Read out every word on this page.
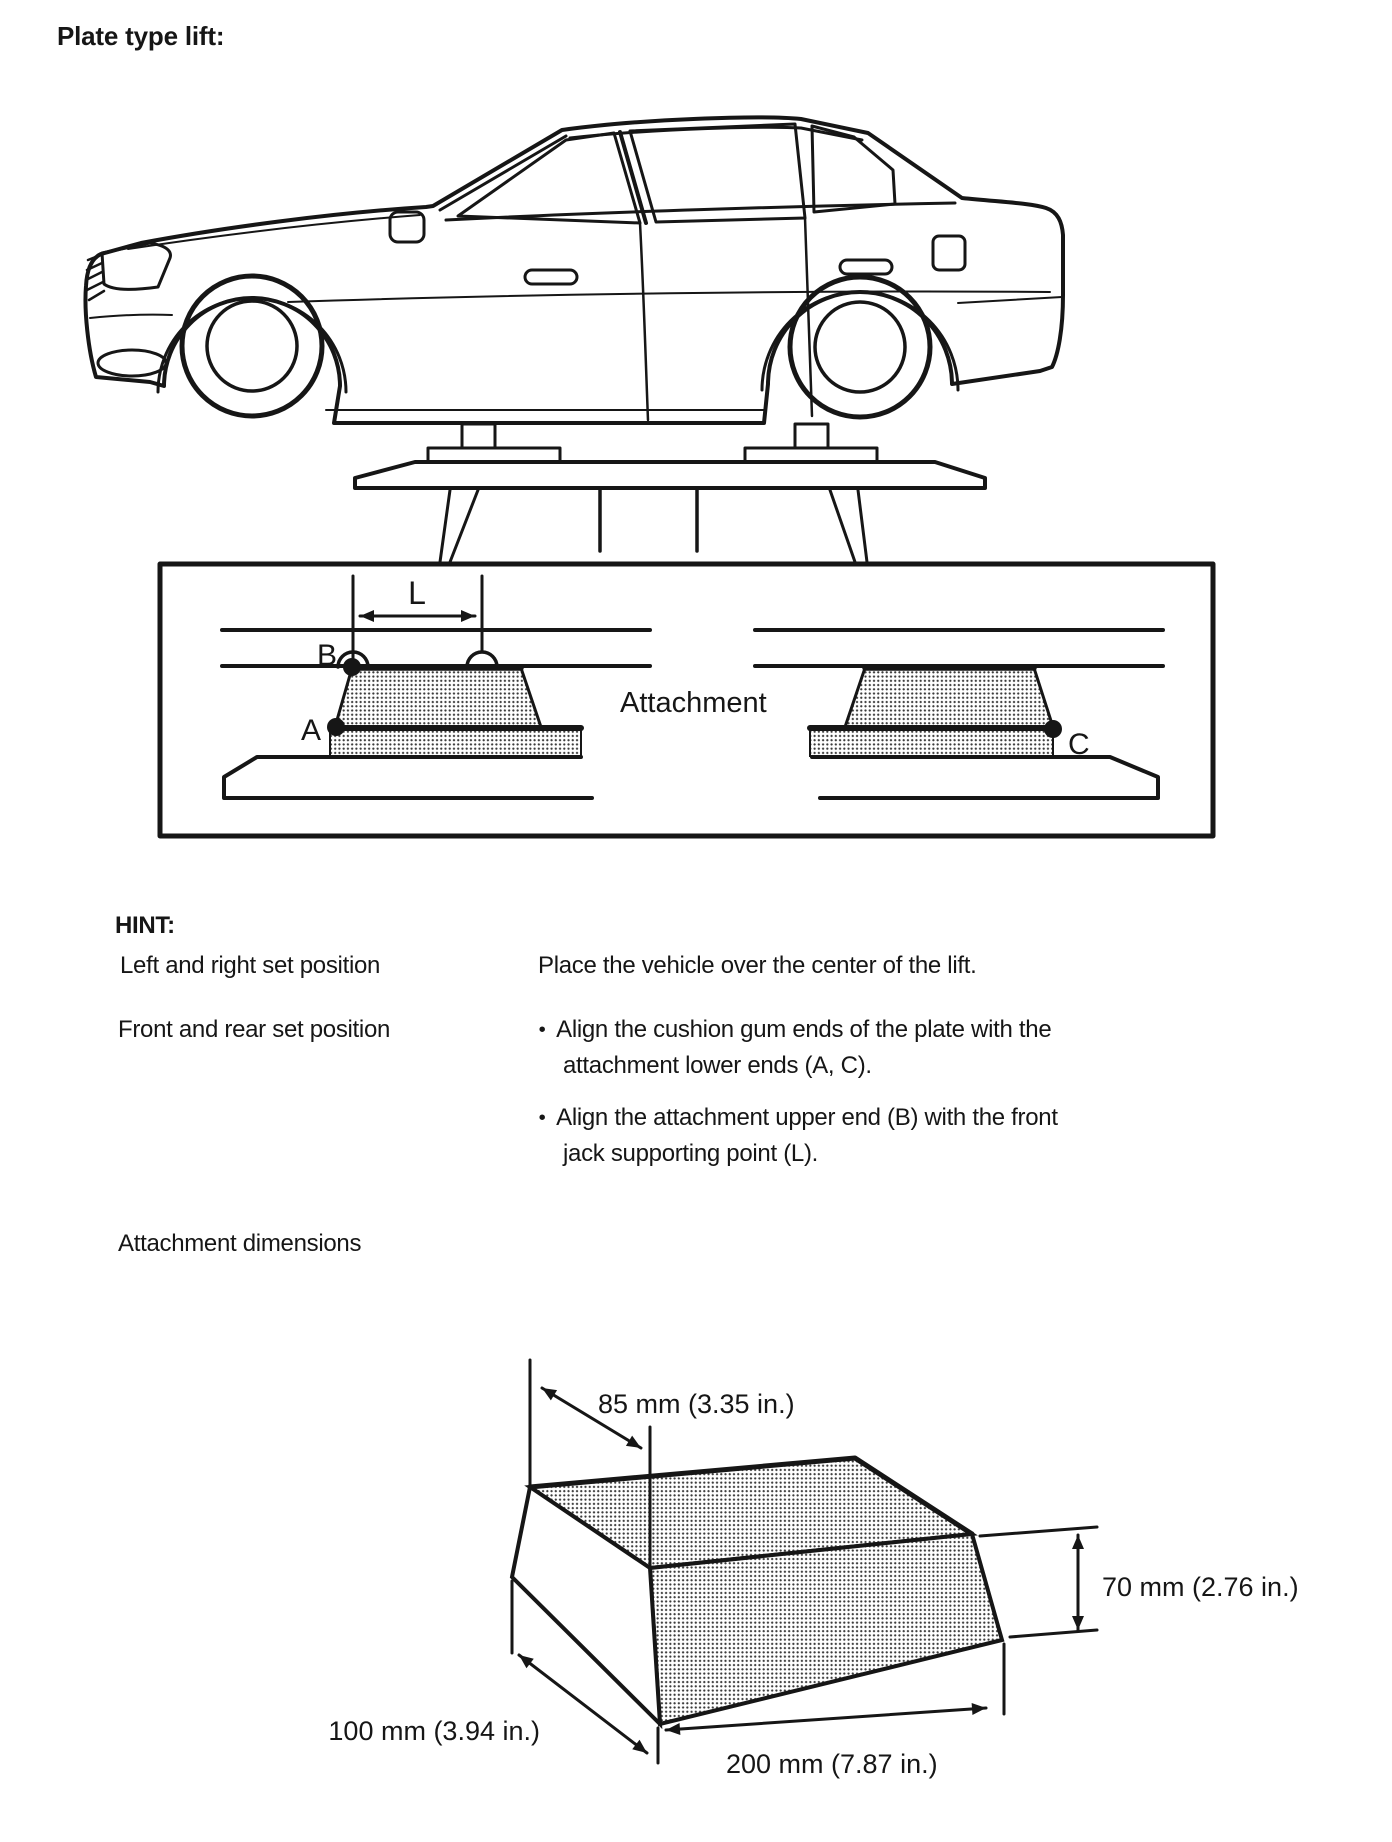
Plate type lift:
L
B
A	C
Attachment
85 mm (3.35 in.)
70 mm (2.76 in.)
100 mm (3.94 in.)
200 mm (7.87 in.)
HINT:
Left and right set position	Place the vehicle over the center of the lift.
Front and rear set position	• Align the cushion gum ends of the plate with the
attachment lower ends (A, C).
• Align the attachment upper end (B) with the front
jack supporting point (L).
Attachment dimensions
